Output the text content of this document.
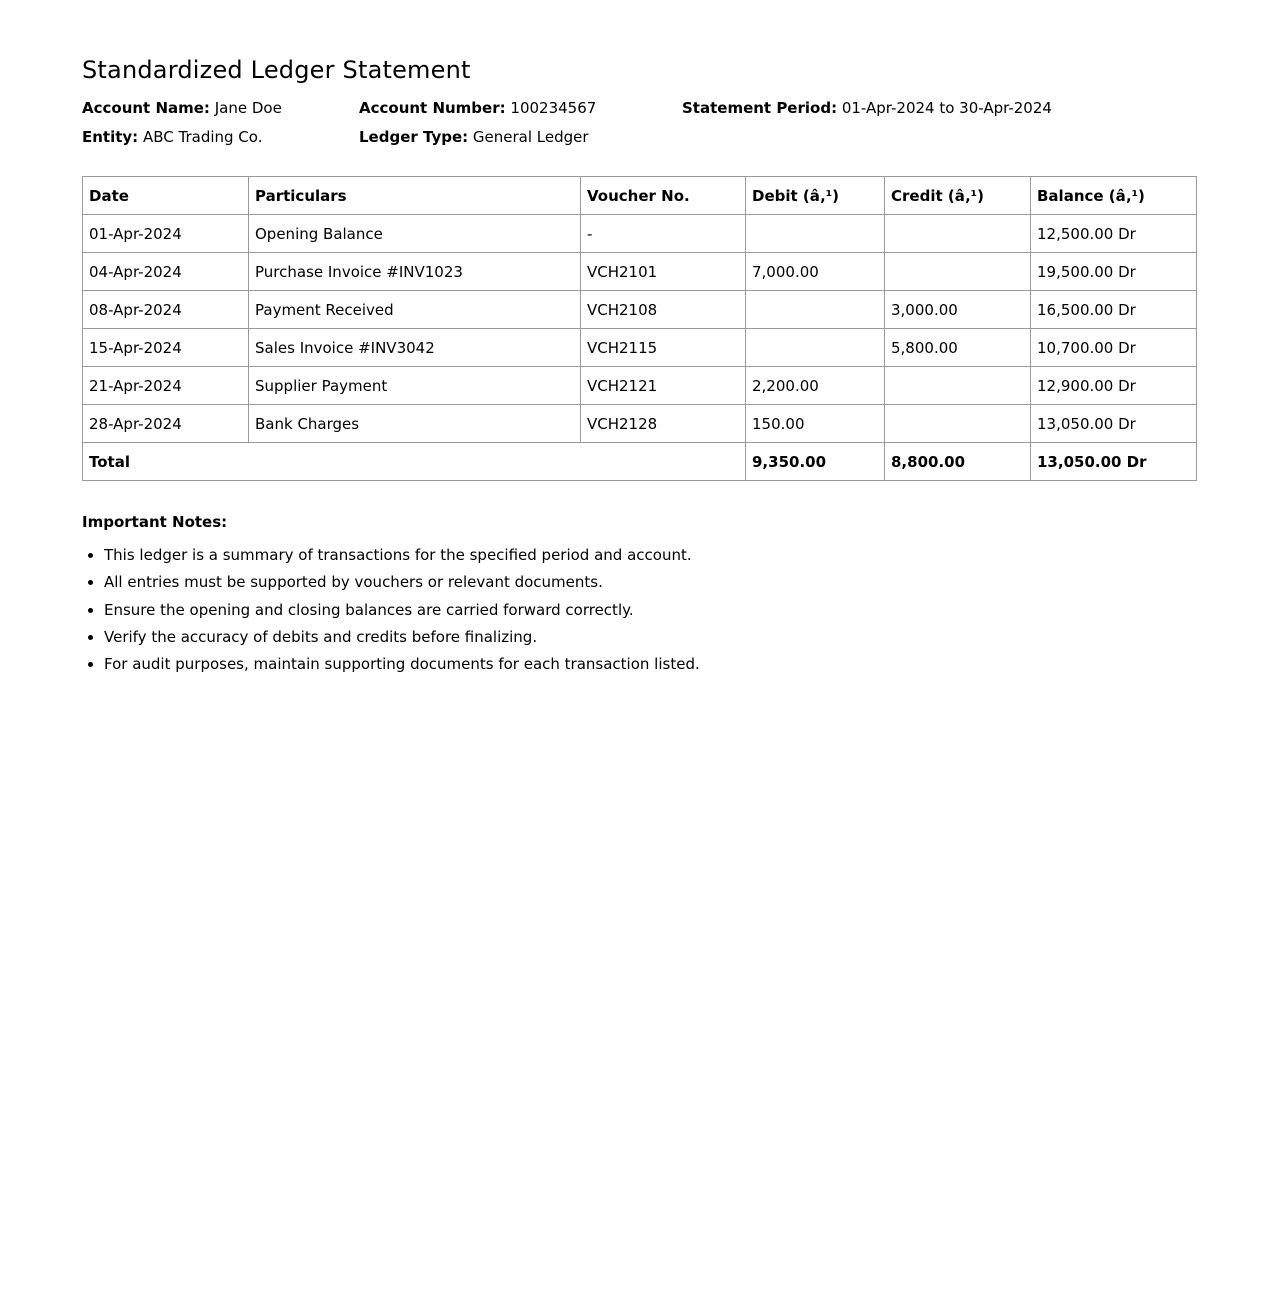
Standardized Ledger Statement
Account Name: Jane Doe	Account Number: 100234567	Statement Period: 01-Apr-2024 to 30-Apr-2024
Entity: ABC Trading Co.	Ledger Type: General Ledger
Date	Particulars	Voucher No.	Debit (â‚¹)	Credit (â‚¹)	Balance (â‚¹)
01-Apr-2024	Opening Balance	-			12,500.00 Dr
04-Apr-2024	Purchase Invoice #INV1023	VCH2101	7,000.00		19,500.00 Dr
08-Apr-2024	Payment Received	VCH2108		3,000.00	16,500.00 Dr
15-Apr-2024	Sales Invoice #INV3042	VCH2115		5,800.00	10,700.00 Dr
21-Apr-2024	Supplier Payment	VCH2121	2,200.00		12,900.00 Dr
28-Apr-2024	Bank Charges	VCH2128	150.00		13,050.00 Dr
Total			9,350.00	8,800.00	13,050.00 Dr

Important Notes:

• This ledger is a summary of transactions for the specified period and account.
• All entries must be supported by vouchers or relevant documents.
• Ensure the opening and closing balances are carried forward correctly.
• Verify the accuracy of debits and credits before finalizing.
• For audit purposes, maintain supporting documents for each transaction listed.
